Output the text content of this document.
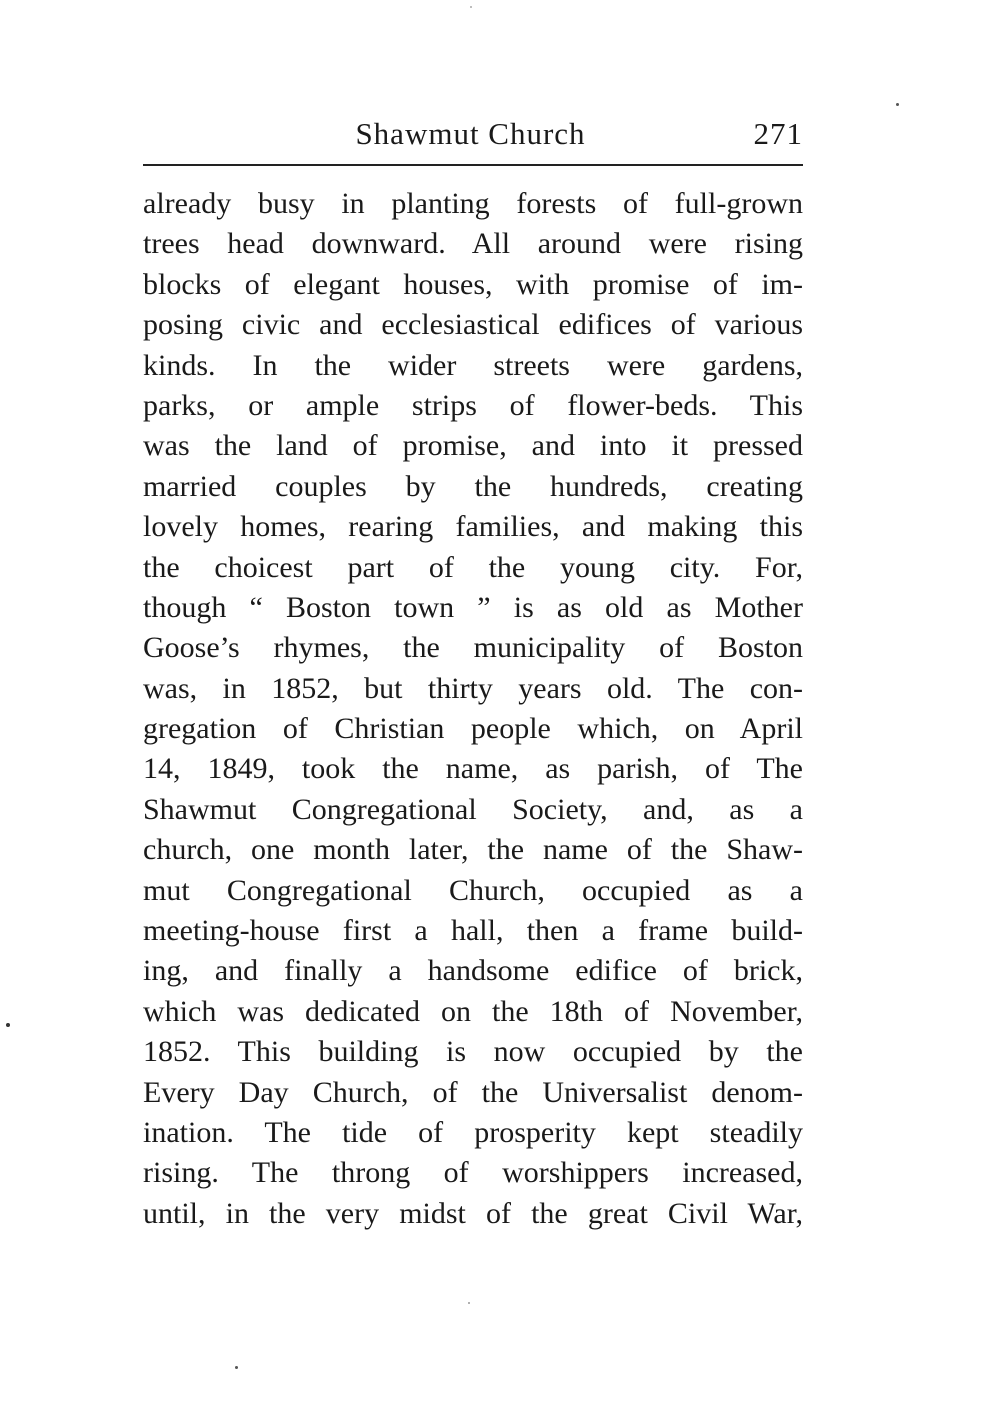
Shawmut Church	271
already busy in planting forests of full-grown
trees head downward. All around were rising
blocks of elegant houses, with promise of im-
posing civic and ecclesiastical edifices of various
kinds. In the wider streets were gardens,
parks, or ample strips of flower-beds. This
was the land of promise, and into it pressed
married couples by the hundreds, creating
lovely homes, rearing families, and making this
the choicest part of the young city. For,
though “ Boston town ” is as old as Mother
Goose’s rhymes, the municipality of Boston
was, in 1852, but thirty years old. The con-
gregation of Christian people which, on April
14, 1849, took the name, as parish, of The
Shawmut Congregational Society, and, as a
church, one month later, the name of the Shaw-
mut Congregational Church, occupied as a
meeting-house first a hall, then a frame build-
ing, and finally a handsome edifice of brick,
which was dedicated on the 18th of November,
1852. This building is now occupied by the
Every Day Church, of the Universalist denom-
ination. The tide of prosperity kept steadily
rising. The throng of worshippers increased,
until, in the very midst of the great Civil War,
